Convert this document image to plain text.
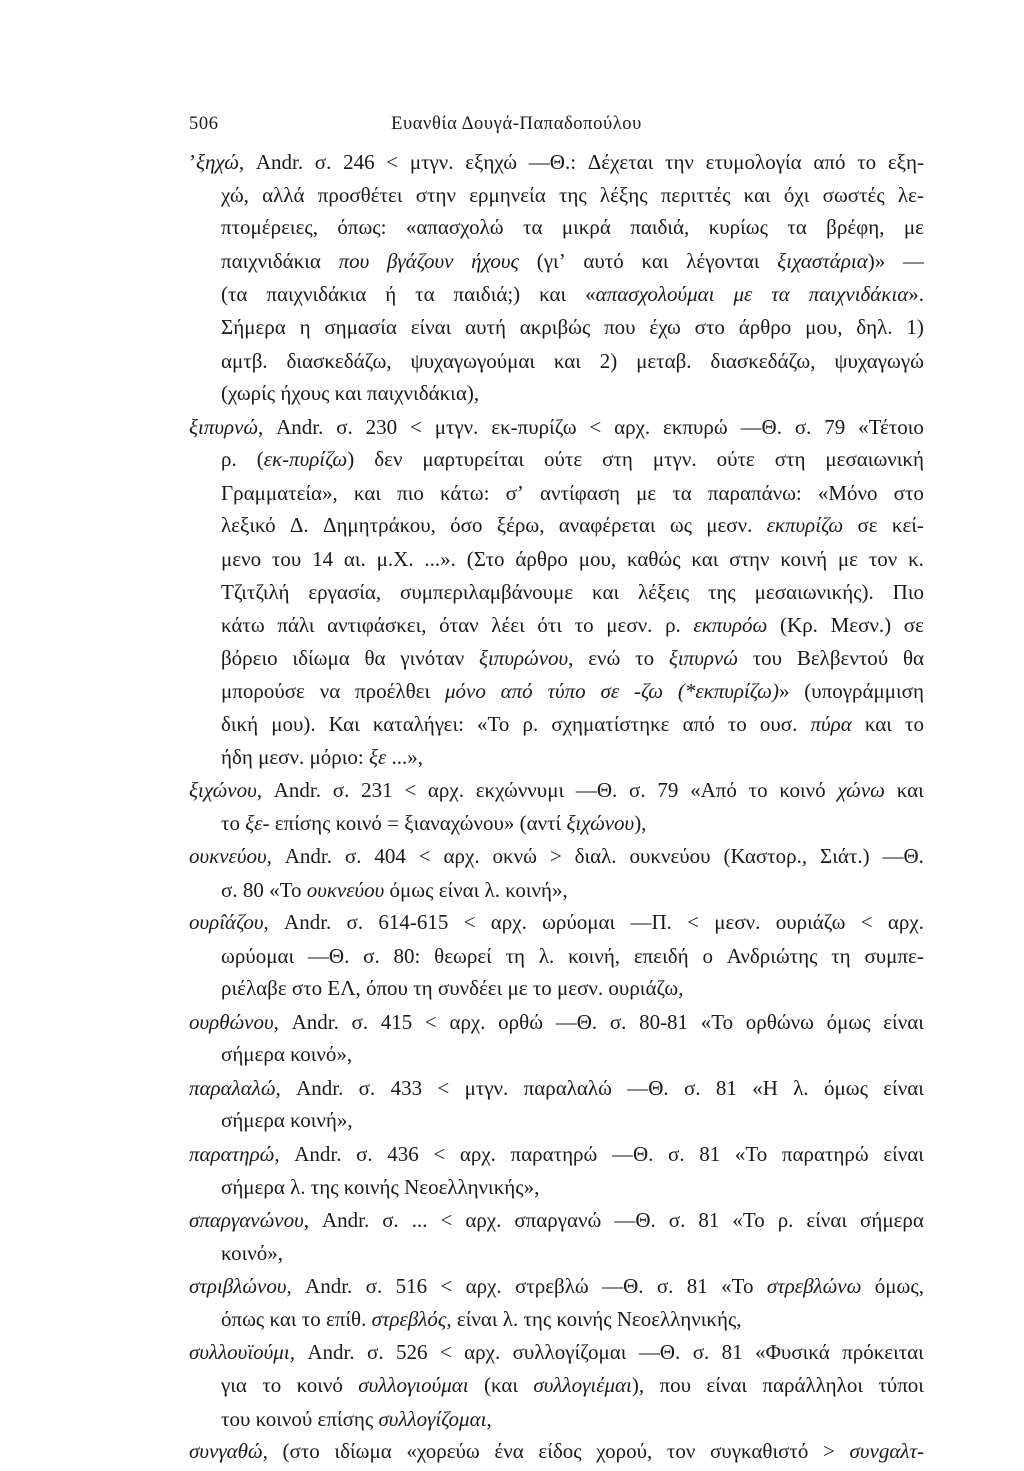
506	Ευανθία Δουγά-Παπαδοπούλου
’ξηχώ, Andr. σ. 246 < μτγν. εξηχώ —Θ.: Δέχεται την ετυμολογία από το εξη-
χώ, αλλά προσθέτει στην ερμηνεία της λέξης περιττές και όχι σωστές λε-
πτομέρειες, όπως: «απασχολώ τα μικρά παιδιά, κυρίως τα βρέφη, με
παιχνιδάκια που βγάζουν ήχους (γι’ αυτό και λέγονται ξιχαστάρια)» —
(τα παιχνιδάκια ή τα παιδιά;) και «απασχολούμαι με τα παιχνιδάκια».
Σήμερα η σημασία είναι αυτή ακριβώς που έχω στο άρθρο μου, δηλ. 1)
αμτβ. διασκεδάζω, ψυχαγωγούμαι και 2) μεταβ. διασκεδάζω, ψυχαγωγώ
(χωρίς ήχους και παιχνιδάκια),
ξιπυρνώ, Andr. σ. 230 < μτγν. εκ-πυρίζω < αρχ. εκπυρώ —Θ. σ. 79 «Τέτοιο
ρ. (εκ-πυρίζω) δεν μαρτυρείται ούτε στη μτγν. ούτε στη μεσαιωνική
Γραμματεία», και πιο κάτω: σ’ αντίφαση με τα παραπάνω: «Μόνο στο
λεξικό Δ. Δημητράκου, όσο ξέρω, αναφέρεται ως μεσν. εκπυρίζω σε κεί-
μενο του 14 αι. μ.Χ. ...». (Στο άρθρο μου, καθώς και στην κοινή με τον κ.
Τζιτζιλή εργασία, συμπεριλαμβάνουμε και λέξεις της μεσαιωνικής). Πιο
κάτω πάλι αντιφάσκει, όταν λέει ότι το μεσν. ρ. εκπυρόω (Κρ. Μεσν.) σε
βόρειο ιδίωμα θα γινόταν ξιπυρώνου, ενώ το ξιπυρνώ του Βελβεντού θα
μπορούσε να προέλθει μόνο από τύπο σε -ζω (*εκπυρίζω)» (υπογράμμιση
δική μου). Και καταλήγει: «Το ρ. σχηματίστηκε από το ουσ. πύρα και το
ήδη μεσν. μόριο: ξε ...»,
ξιχώνου, Andr. σ. 231 < αρχ. εκχώννυμι —Θ. σ. 79 «Από το κοινό χώνω και
το ξε- επίσης κοινό = ξιαναχώνου» (αντί ξιχώνου),
ουκνεύου, Andr. σ. 404 < αρχ. οκνώ > διαλ. ουκνεύου (Καστορ., Σιάτ.) —Θ.
σ. 80 «Το ουκνεύου όμως είναι λ. κοινή»,
ουρ̂ιάζου, Andr. σ. 614-615 < αρχ. ωρύομαι —Π. < μεσν. ουριάζω < αρχ.
ωρύομαι —Θ. σ. 80: θεωρεί τη λ. κοινή, επειδή ο Ανδριώτης τη συμπε-
ριέλαβε στο ΕΛ, όπου τη συνδέει με το μεσν. ουριάζω,
ουρθώνου, Andr. σ. 415 < αρχ. ορθώ —Θ. σ. 80-81 «Το ορθώνω όμως είναι
σήμερα κοινό»,
παραλαλώ, Andr. σ. 433 < μτγν. παραλαλώ —Θ. σ. 81 «Η λ. όμως είναι
σήμερα κοινή»,
παρατηρώ, Andr. σ. 436 < αρχ. παρατηρώ —Θ. σ. 81 «Το παρατηρώ είναι
σήμερα λ. της κοινής Νεοελληνικής»,
σπαργανώνου, Andr. σ. ... < αρχ. σπαργανώ —Θ. σ. 81 «Το ρ. είναι σήμερα
κοινό»,
στριβλώνου, Andr. σ. 516 < αρχ. στρεβλώ —Θ. σ. 81 «Το στρεβλώνω όμως,
όπως και το επίθ. στρεβλός, είναι λ. της κοινής Νεοελληνικής,
συλλουϊούμι, Andr. σ. 526 < αρχ. συλλογίζομαι —Θ. σ. 81 «Φυσικά πρόκειται
για το κοινό συλλογιούμαι (και συλλογιέμαι), που είναι παράλληλοι τύποι
του κοινού επίσης συλλογίζομαι,
συνγαθώ, (στο ιδίωμα «χορεύω ένα είδος χορού, τον συγκαθιστό > συνgαλτ-
